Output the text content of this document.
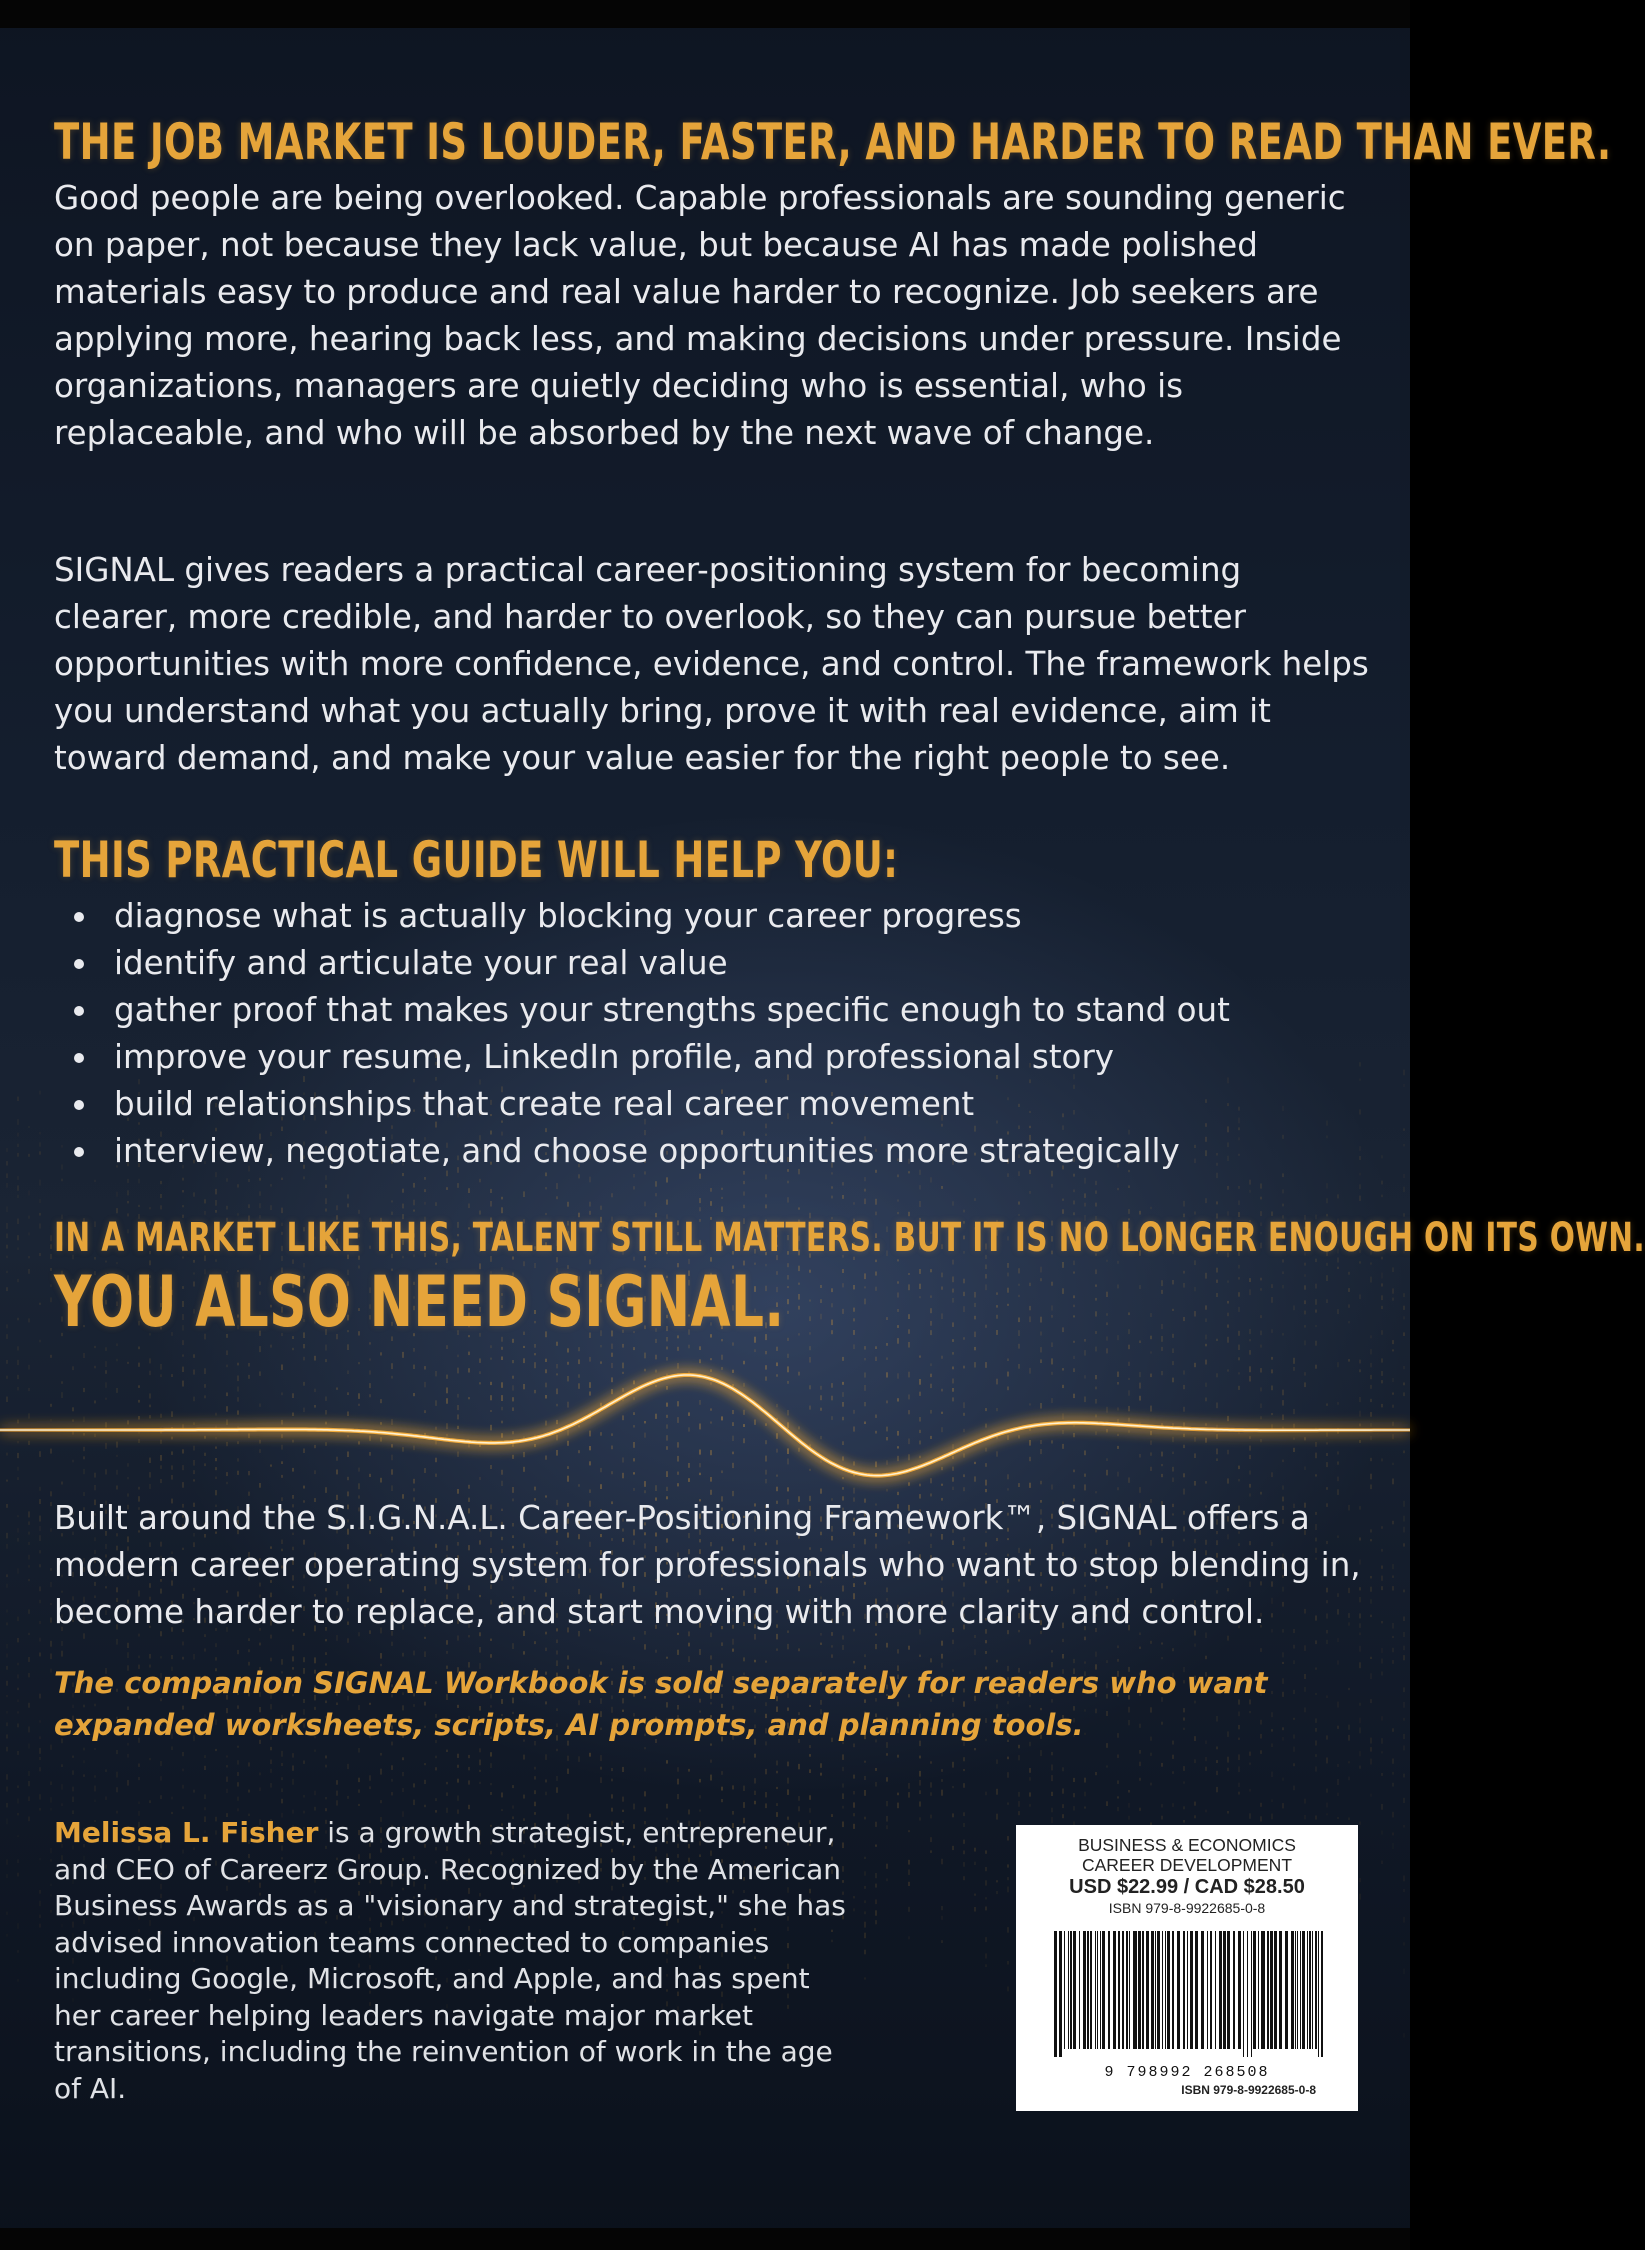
THE JOB MARKET IS LOUDER, FASTER, AND HARDER TO READ THAN EVER.

Good people are being overlooked. Capable professionals are sounding generic on paper, not because they lack value, but because AI has made polished materials easy to produce and real value harder to recognize. Job seekers are applying more, hearing back less, and making decisions under pressure. Inside organizations, managers are quietly deciding who is essential, who is replaceable, and who will be absorbed by the next wave of change.

SIGNAL gives readers a practical career-positioning system for becoming clearer, more credible, and harder to overlook, so they can pursue better opportunities with more confidence, evidence, and control. The framework helps you understand what you actually bring, prove it with real evidence, aim it toward demand, and make your value easier for the right people to see.

THIS PRACTICAL GUIDE WILL HELP YOU:
diagnose what is actually blocking your career progress
identify and articulate your real value
gather proof that makes your strengths specific enough to stand out
improve your resume, LinkedIn profile, and professional story
build relationships that create real career movement
interview, negotiate, and choose opportunities more strategically
IN A MARKET LIKE THIS, TALENT STILL MATTERS. BUT IT IS NO LONGER ENOUGH ON ITS OWN.
YOU ALSO NEED SIGNAL.

Built around the S.I.G.N.A.L. Career-Positioning Framework™, SIGNAL offers a modern career operating system for professionals who want to stop blending in, become harder to replace, and start moving with more clarity and control.

The companion SIGNAL Workbook is sold separately for readers who want expanded worksheets, scripts, AI prompts, and planning tools.

Melissa L. Fisher is a growth strategist, entrepreneur, and CEO of Careerz Group. Recognized by the American Business Awards as a "visionary and strategist," she has advised innovation teams connected to companies including Google, Microsoft, and Apple, and has spent her career helping leaders navigate major market transitions, including the reinvention of work in the age of AI.
BUSINESS & ECONOMICS
CAREER DEVELOPMENT
USD $22.99 / CAD $28.50
ISBN 979-8-9922685-0-8
9 798992 268508
ISBN 979-8-9922685-0-8
